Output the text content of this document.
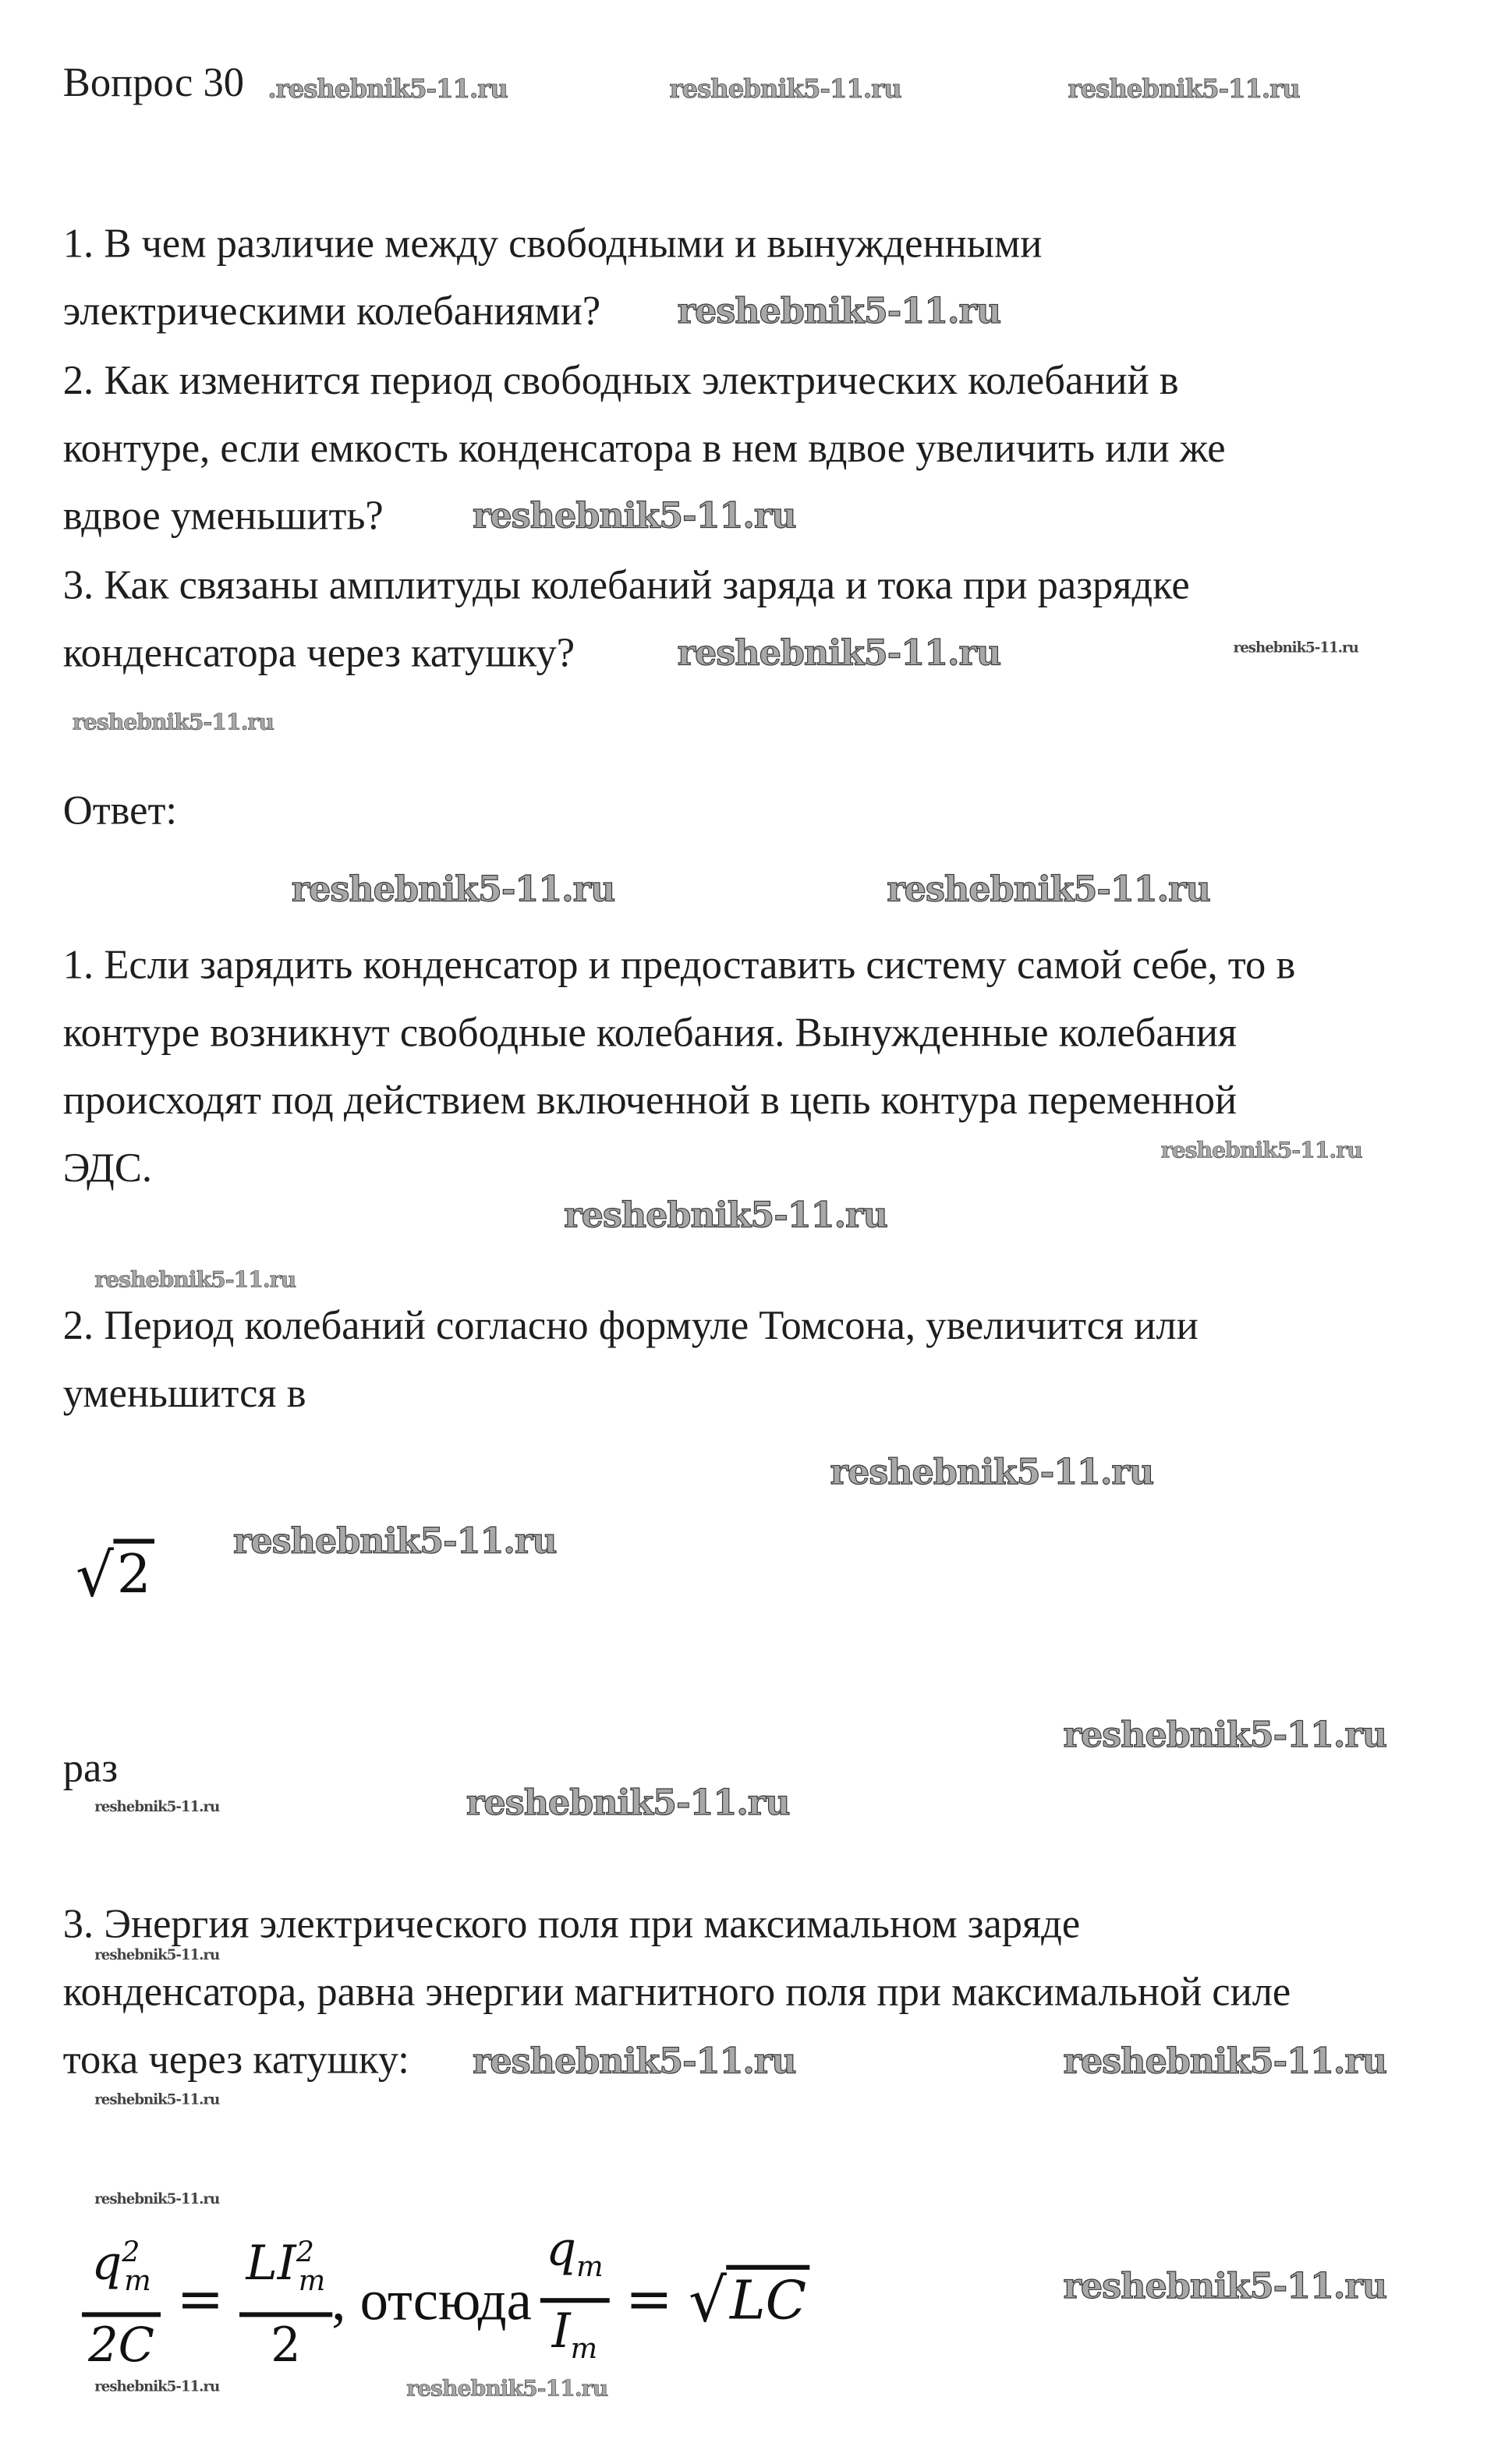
Вопрос 30 .reshebnik5-11.ru	reshebnik5-11.ru	reshebnik5-11.ru
1. В чем различие между свободными и вынужденными
электрическими колебаниями?	reshebnik5-11.ru
reshebnik5-11.ru
2. Как изменится период свободных электрических колебаний в
контуре, если емкость конденсатора в нем вдвое увеличить или же
вдвое уменьшить?
3. Как связаны амплитуды колебаний заряда и тока при разрядке
конденсатора через катушку?
reshebnik5-11.ru
reshebnik5-11.ru	reshebnik5-11.ru
Ответ:
reshebnik5-11.ru
reshebnik5-11.ru
1. Если зарядить конденсатор и предоставить систему самой себе, то в
контуре возникнут свободные колебания. Вынужденные колебания
происходят под действием включенной в цепь контура переменной
ЭДС.	reshebnik5-11.ru
reshebnik5-11.ru
reshebnik5-11.ru
2. Период колебаний согласно формуле Томсона, увеличится или
уменьшится в
reshebnik5-11.ru
reshebnik5-11.ru
√ 2
reshebnik5-11.ru
раз
reshebnik5-11.ru	reshebnik5-11.ru
3. Энергия электрического поля при максимальном заряде
reshebnik5-11.ru
конденсатора, равна энергии магнитного поля при максимальной силе
reshebnik5-11.ru
тока через катушку:	reshebnik5-11.ru
reshebnik5-11.ru
reshebnik5-11.ru
$q^2_m$
2C
=
$LI^2_m$
2
, отсюда
$q_m$
$I_m$
= √ LC
reshebnik5-11.ru	reshebnik5-11.ru
reshebnik5-11.ru
